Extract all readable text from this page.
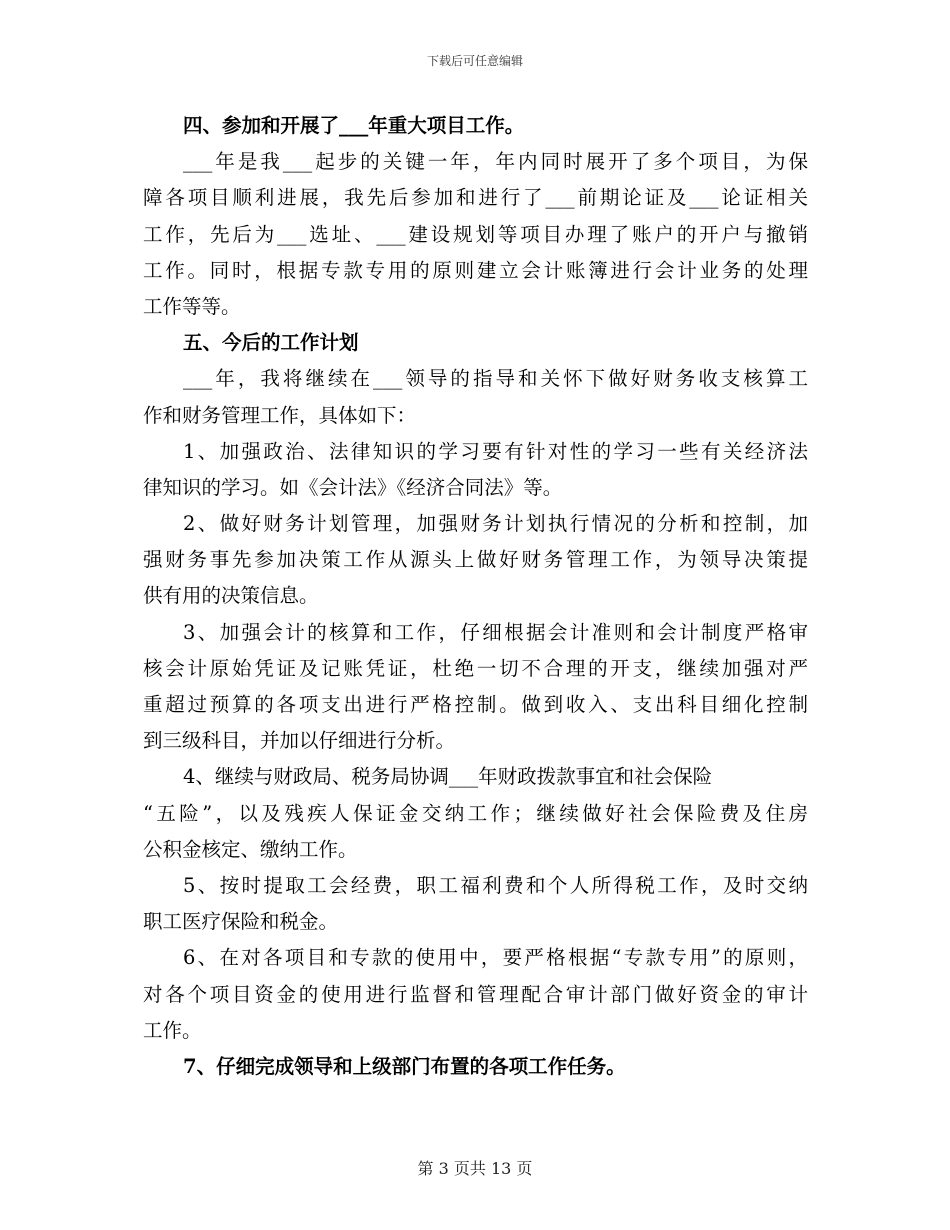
下载后可任意编辑
四、参加和开展了___年重大项目工作。
___年是我___起步的关键一年，年内同时展开了多个项目，为保
障各项目顺利进展，我先后参加和进行了___前期论证及___论证相关
工作，先后为___选址、___建设规划等项目办理了账户的开户与撤销
工作。同时，根据专款专用的原则建立会计账簿进行会计业务的处理
工作等等。
五、今后的工作计划
___年，我将继续在___领导的指导和关怀下做好财务收支核算工
作和财务管理工作，具体如下：
1、加强政治、法律知识的学习要有针对性的学习一些有关经济法
律知识的学习。如《会计法》《经济合同法》等。
2、做好财务计划管理，加强财务计划执行情况的分析和控制，加
强财务事先参加决策工作从源头上做好财务管理工作，为领导决策提
供有用的决策信息。
3、加强会计的核算和工作，仔细根据会计准则和会计制度严格审
核会计原始凭证及记账凭证，杜绝一切不合理的开支，继续加强对严
重超过预算的各项支出进行严格控制。做到收入、支出科目细化控制
到三级科目，并加以仔细进行分析。
4、继续与财政局、税务局协调___年财政拨款事宜和社会保险
“五险”，以及残疾人保证金交纳工作；继续做好社会保险费及住房
公积金核定、缴纳工作。
5、按时提取工会经费，职工福利费和个人所得税工作，及时交纳
职工医疗保险和税金。
6、在对各项目和专款的使用中，要严格根据“专款专用”的原则，
对各个项目资金的使用进行监督和管理配合审计部门做好资金的审计
工作。
7、仔细完成领导和上级部门布置的各项工作任务。
第 3 页共 13 页
